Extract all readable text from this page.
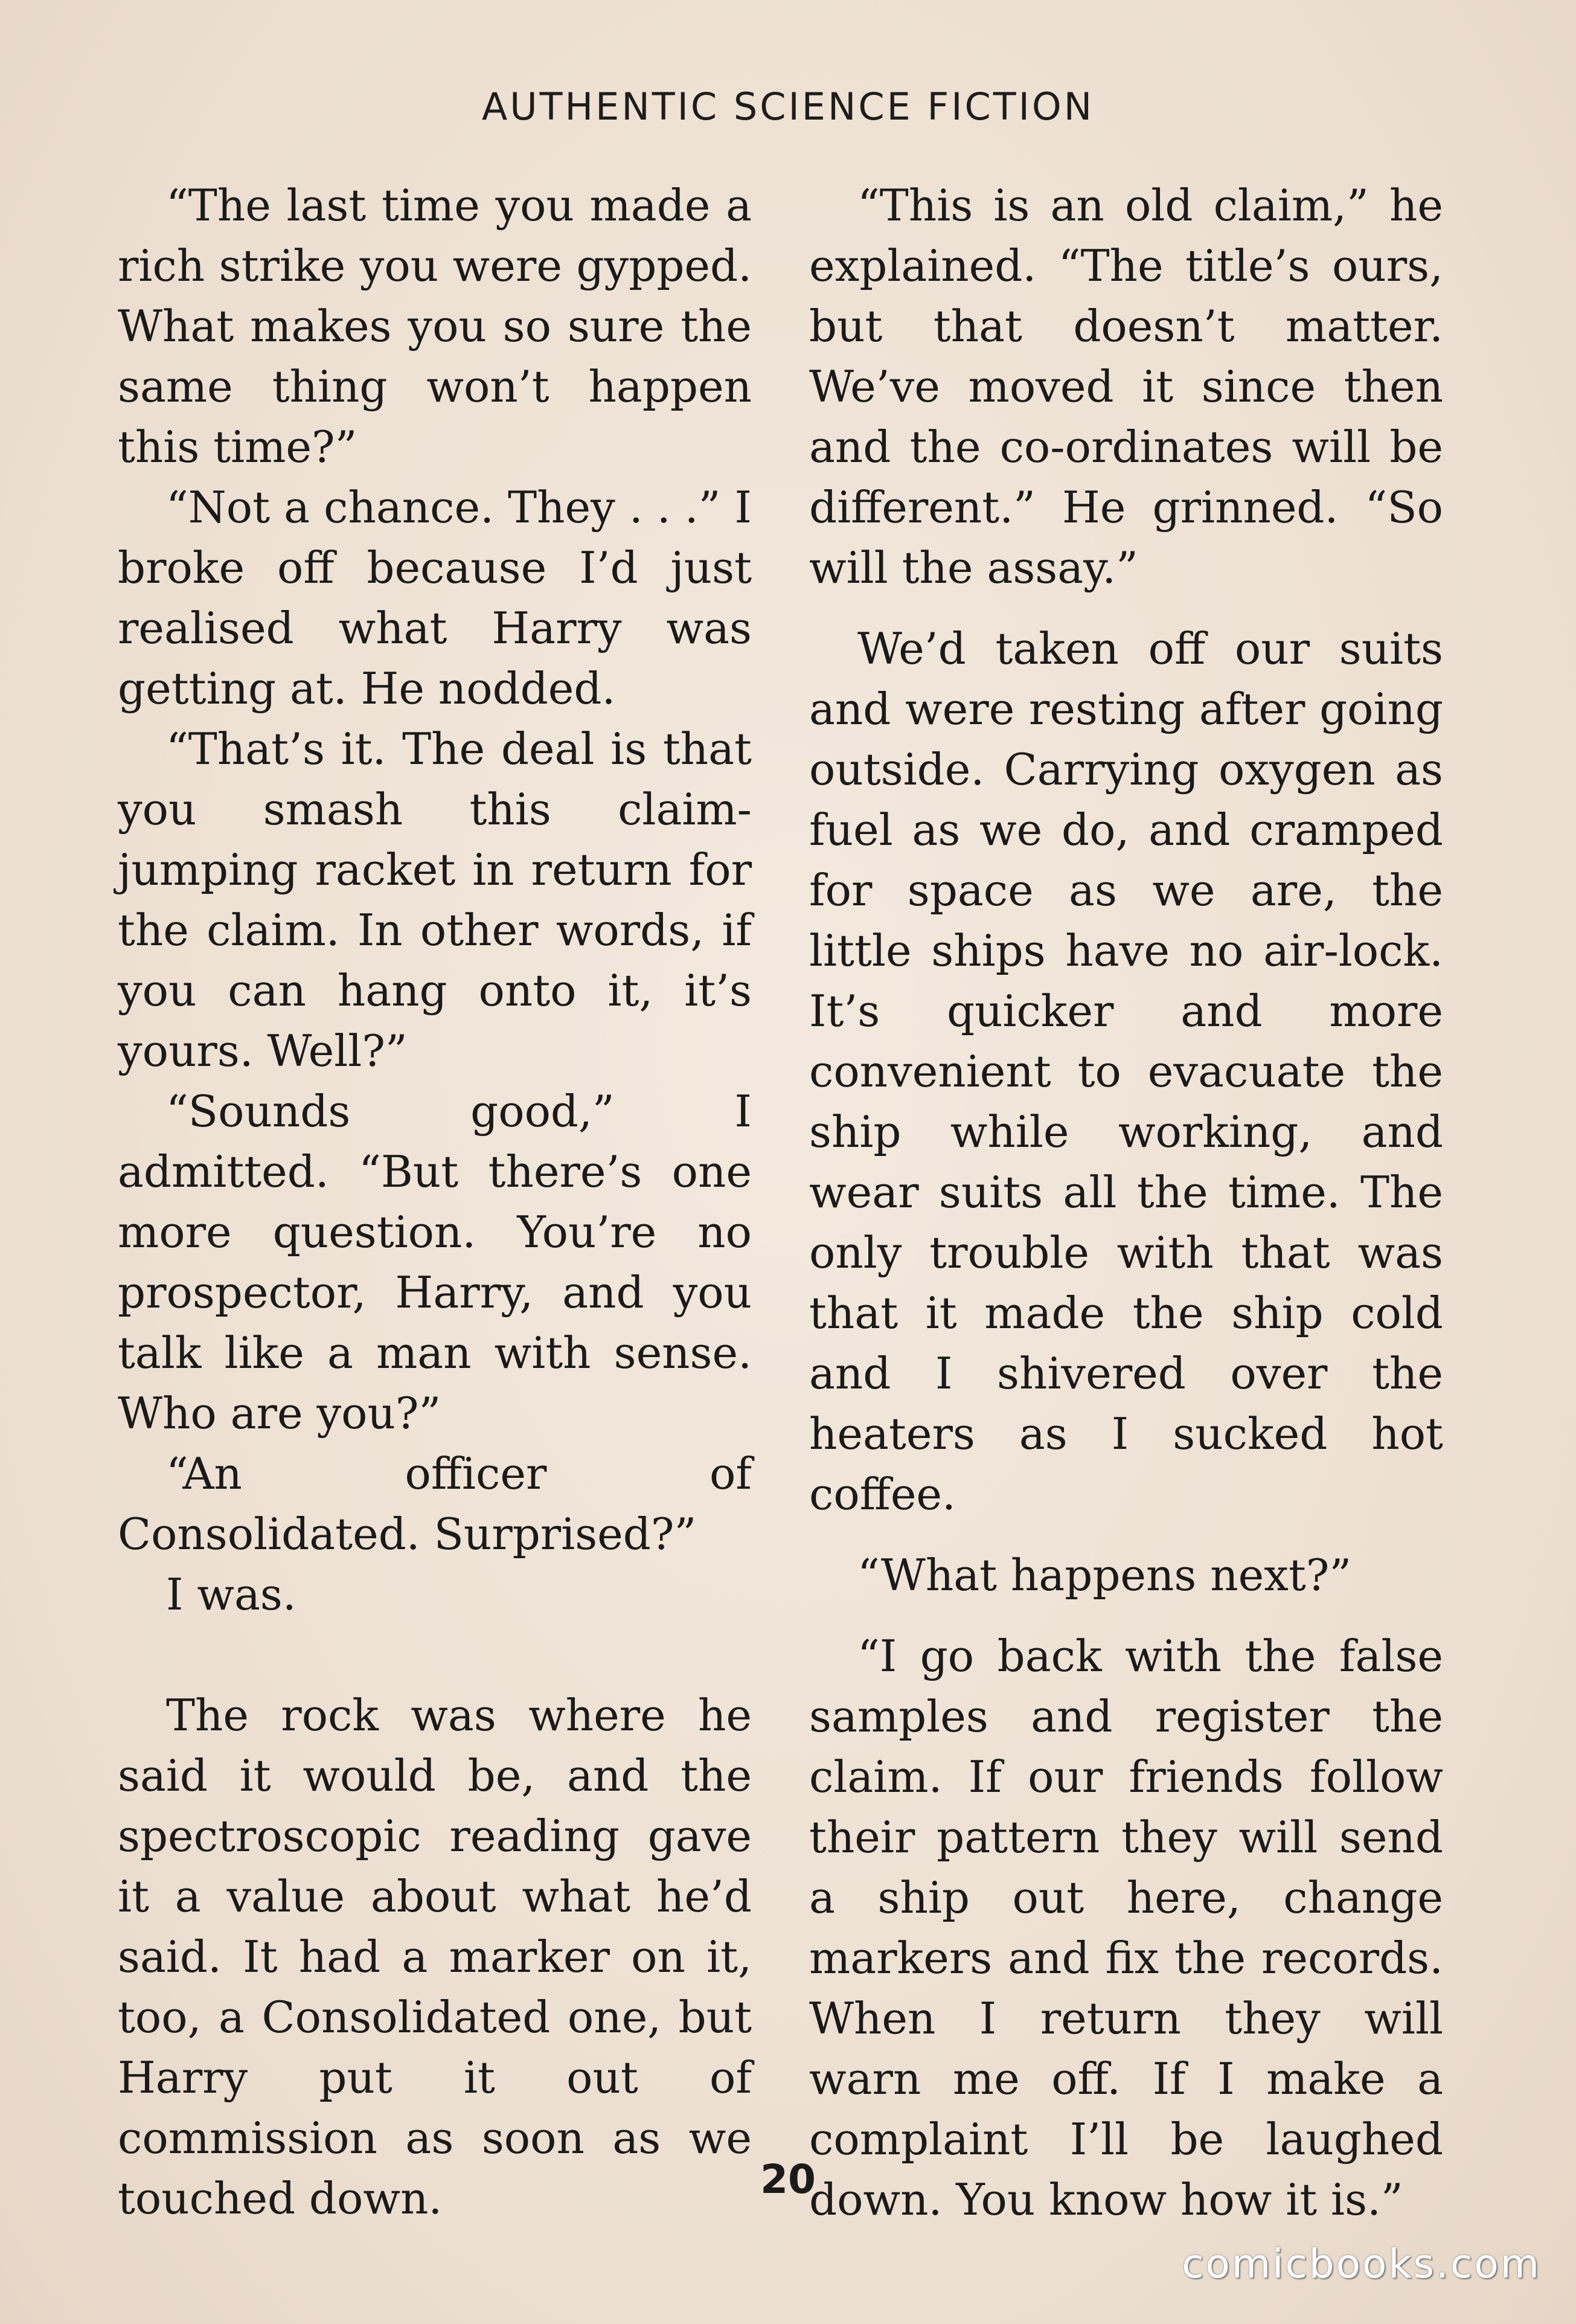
AUTHENTIC SCIENCE FICTION

“The last time you made a rich strike you were gypped. What makes you so sure the same thing won’t happen this time?”

“Not a chance. They . . .” I broke off because I’d just realised what Harry was getting at. He nodded.

“That’s it. The deal is that you smash this claim-jumping racket in return for the claim. In other words, if you can hang onto it, it’s yours. Well?”

“Sounds good,” I admitted. “But there’s one more question. You’re no prospector, Harry, and you talk like a man with sense. Who are you?”

“An officer of Consolidated. Surprised?”

I was.

The rock was where he said it would be, and the spectroscopic reading gave it a value about what he’d said. It had a marker on it, too, a Consolidated one, but Harry put it out of commission as soon as we touched down.

“This is an old claim,” he explained. “The title’s ours, but that doesn’t matter. We’ve moved it since then and the co-ordinates will be different.” He grinned. “So will the assay.”

We’d taken off our suits and were resting after going outside. Carrying oxygen as fuel as we do, and cramped for space as we are, the little ships have no air-lock. It’s quicker and more convenient to evacuate the ship while working, and wear suits all the time. The only trouble with that was that it made the ship cold and I shivered over the heaters as I sucked hot coffee.

“What happens next?”

“I go back with the false samples and register the claim. If our friends follow their pattern they will send a ship out here, change markers and fix the records. When I return they will warn me off. If I make a complaint I’ll be laughed down. You know how it is.”

20
comicbooks.com
